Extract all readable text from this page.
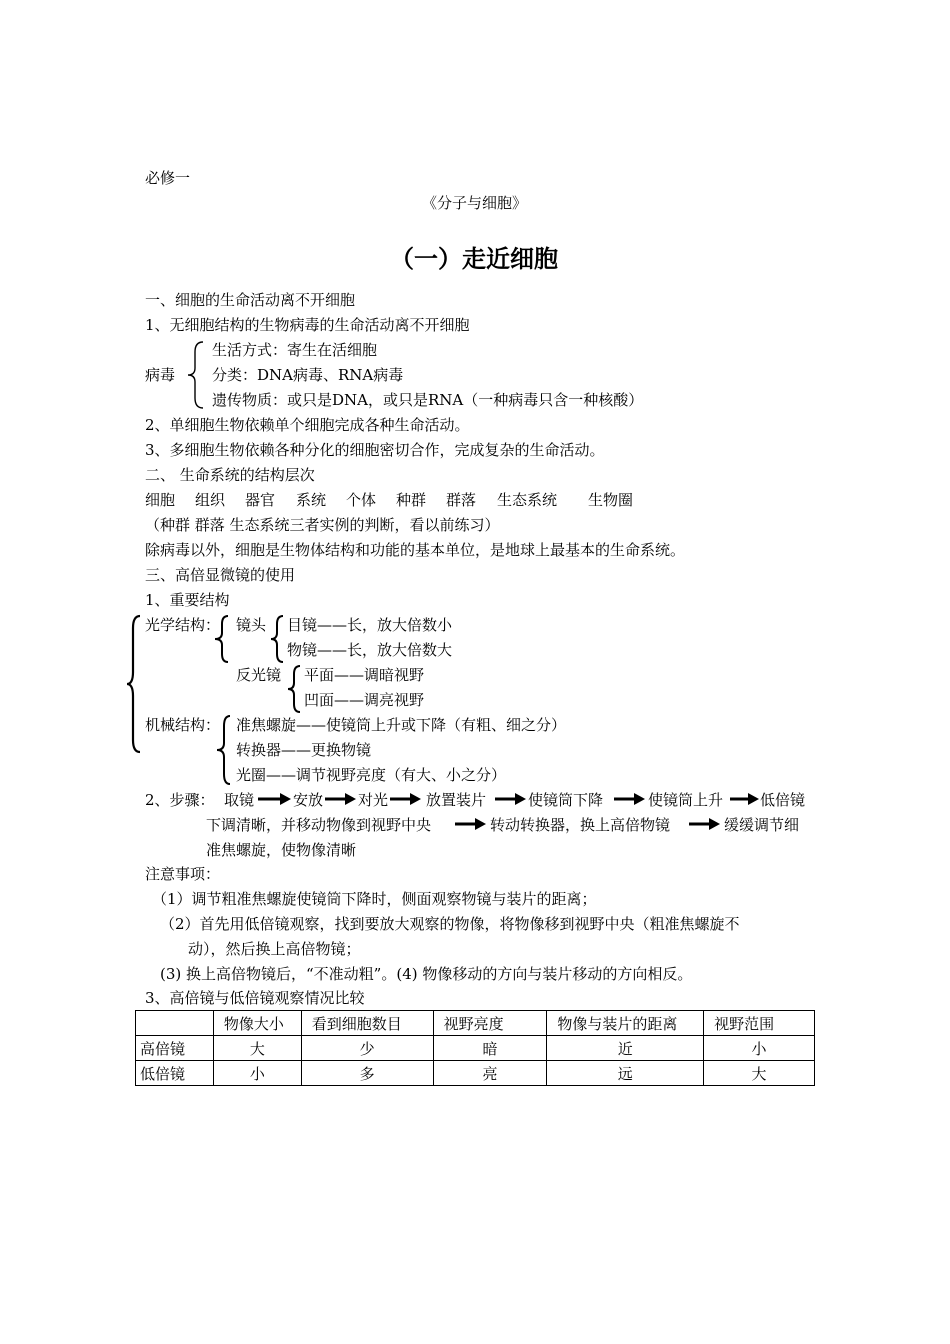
必修一
《分子与细胞》
（一）走近细胞
一、细胞的生命活动离不开细胞
1、无细胞结构的生物病毒的生命活动离不开细胞
病毒
生活方式：寄生在活细胞
分类：DNA病毒、RNA病毒
遗传物质：或只是DNA，或只是RNA（一种病毒只含一种核酸）
2、单细胞生物依赖单个细胞完成各种生命活动。
3、多细胞生物依赖各种分化的细胞密切合作，完成复杂的生命活动。
二、 生命系统的结构层次
细胞 组织 器官 系统 个体 种群 群落 生态系统 生物圈
（种群 群落 生态系统三者实例的判断，看以前练习）
除病毒以外，细胞是生物体结构和功能的基本单位，是地球上最基本的生命系统。
三、高倍显微镜的使用
1、重要结构
光学结构： 镜头 目镜——长，放大倍数小
物镜——长，放大倍数大
反光镜 平面——调暗视野
凹面——调亮视野
机械结构： 准焦螺旋——使镜筒上升或下降（有粗、细之分）
转换器——更换物镜
光圈——调节视野亮度（有大、小之分）
2、步骤： 取镜	安放 对光	放置装片	使镜筒下降	使镜筒上升 低倍镜
下调清晰，并移动物像到视野中央	转动转换器，换上高倍物镜	缓缓调节细
准焦螺旋，使物像清晰
注意事项：
（1）调节粗准焦螺旋使镜筒下降时，侧面观察物镜与装片的距离；
（2）首先用低倍镜观察，找到要放大观察的物像，将物像移到视野中央（粗准焦螺旋不
动），然后换上高倍物镜；
(3) 换上高倍物镜后，“不准动粗”。(4) 物像移动的方向与装片移动的方向相反。
3、高倍镜与低倍镜观察情况比较
	物像大小	看到细胞数目	视野亮度	物像与装片的距离	视野范围
高倍镜	大	少	暗	近	小
低倍镜	小	多	亮	远	大
